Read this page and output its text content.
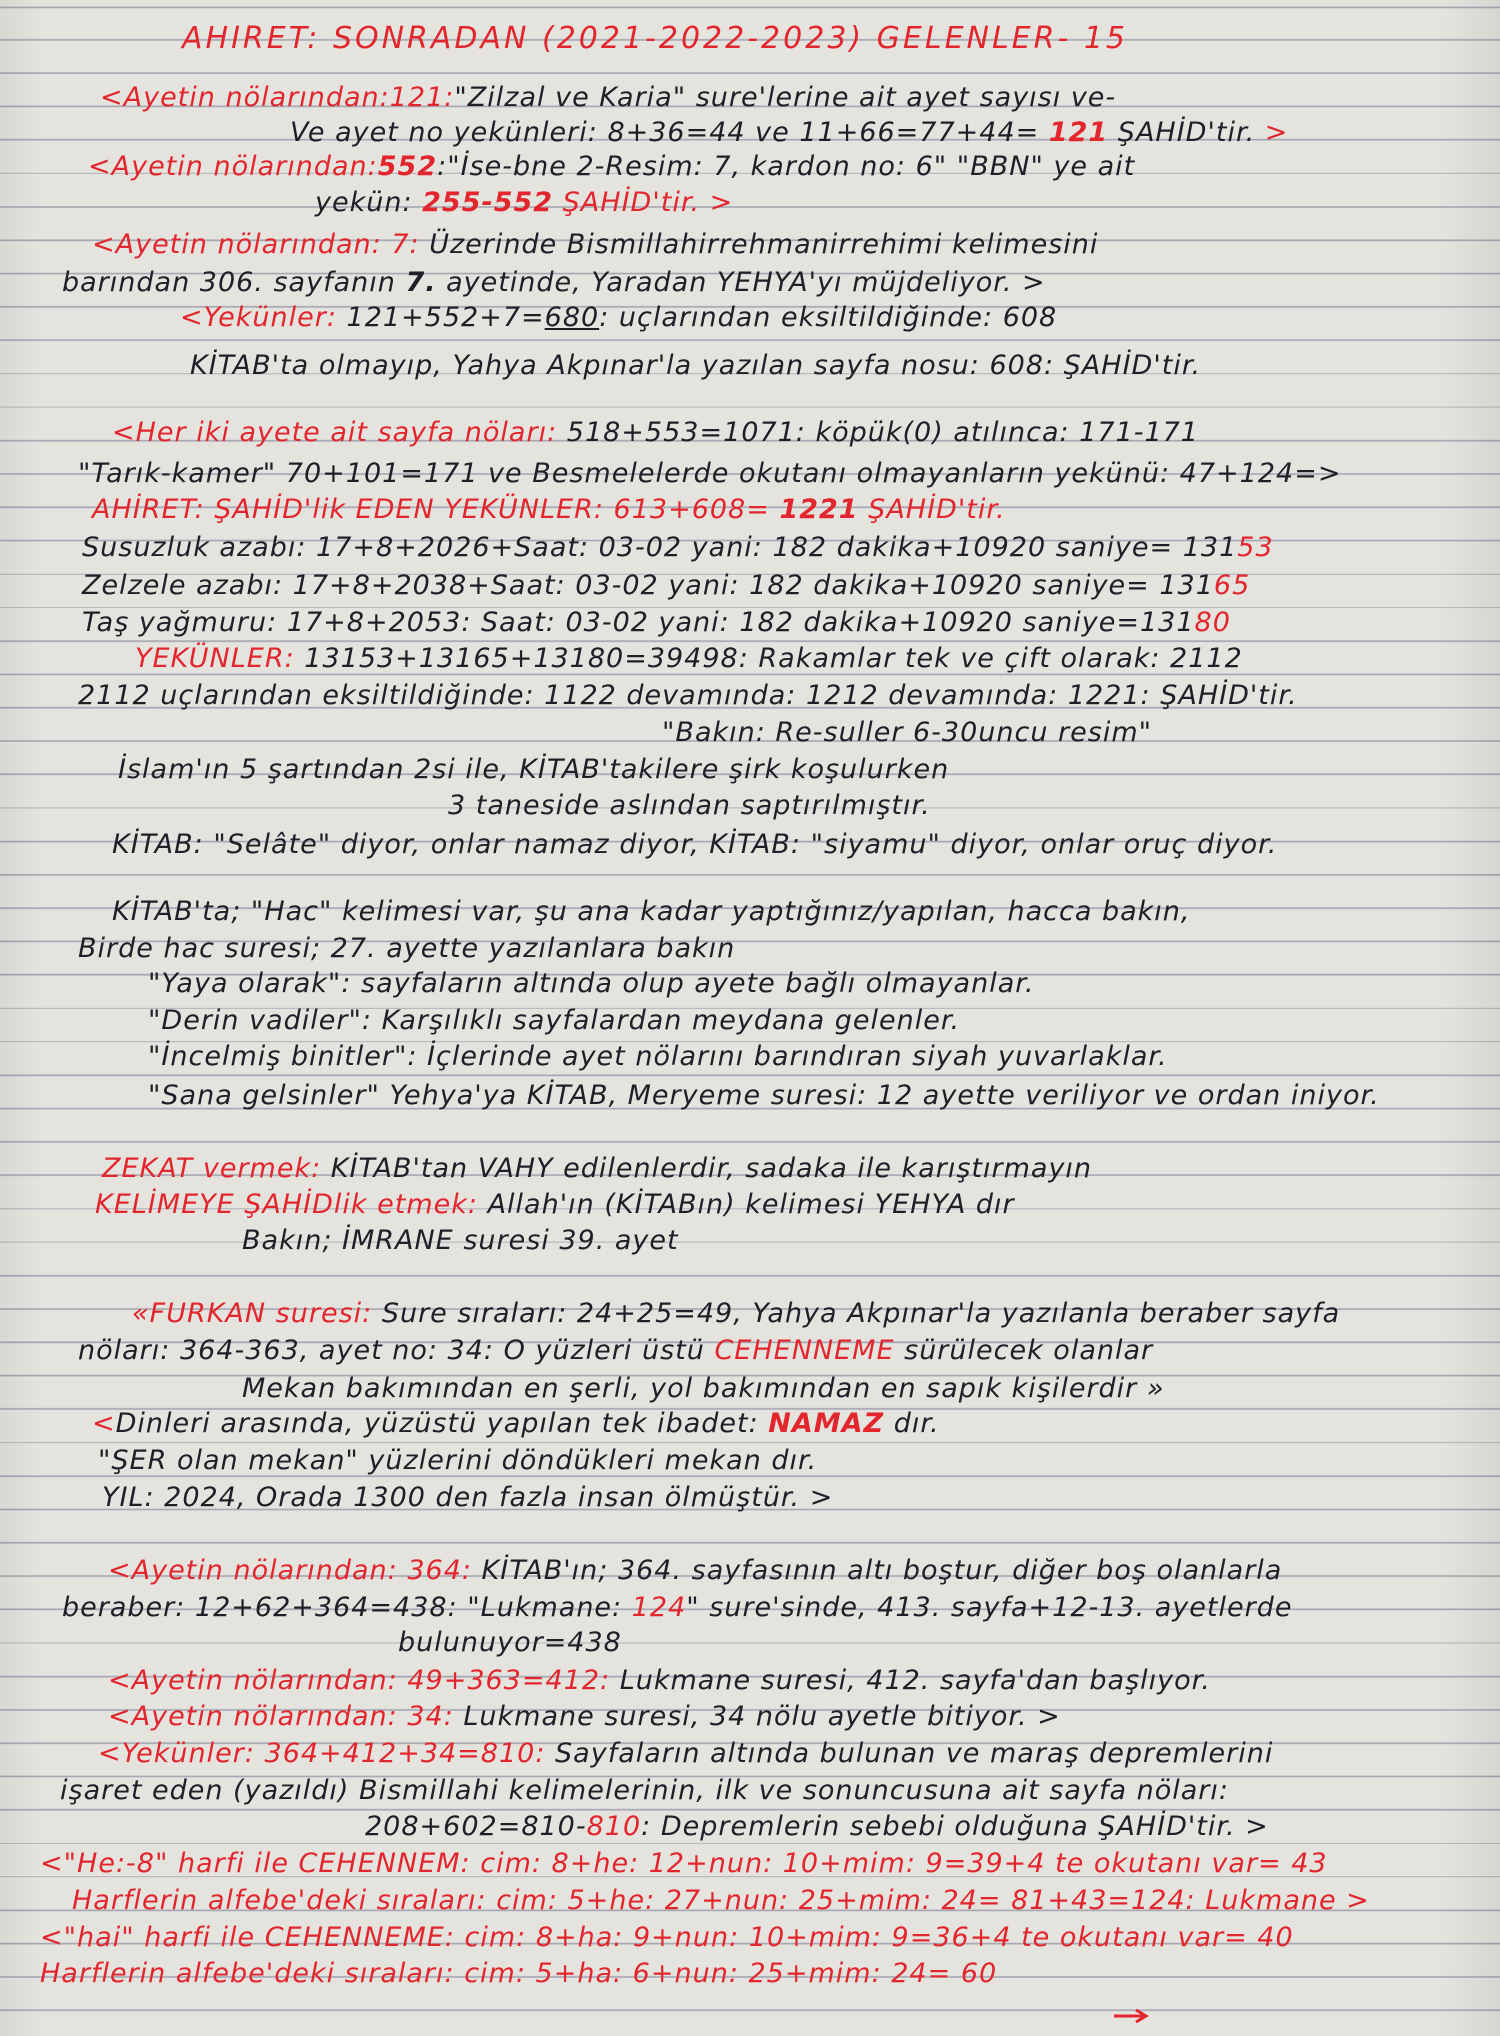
AHIRET: SONRADAN (2021-2022-2023) GELENLER- 15
<Ayetin nölarından:121:"Zilzal ve Karia" sure'lerine ait ayet sayısı ve-
Ve ayet no yekünleri: 8+36=44 ve 11+66=77+44= 121 ŞAHİD'tir. >
<Ayetin nölarından:552:"İse-bne 2-Resim: 7, kardon no: 6" "BBN" ye ait
yekün: 255-552 ŞAHİD'tir. >
<Ayetin nölarından: 7: Üzerinde Bismillahirrehmanirrehimi kelimesini
barından 306. sayfanın 7. ayetinde, Yaradan YEHYA'yı müjdeliyor. >
<Yekünler: 121+552+7=680: uçlarından eksiltildiğinde: 608
KİTAB'ta olmayıp, Yahya Akpınar'la yazılan sayfa nosu: 608: ŞAHİD'tir.
<Her iki ayete ait sayfa nöları: 518+553=1071: köpük(0) atılınca: 171-171
"Tarık-kamer" 70+101=171 ve Besmelelerde okutanı olmayanların yekünü: 47+124=>
AHİRET: ŞAHİD'lik EDEN YEKÜNLER: 613+608= 1221 ŞAHİD'tir.
Susuzluk azabı: 17+8+2026+Saat: 03-02 yani: 182 dakika+10920 saniye= 13153
Zelzele azabı: 17+8+2038+Saat: 03-02 yani: 182 dakika+10920 saniye= 13165
Taş yağmuru: 17+8+2053: Saat: 03-02 yani: 182 dakika+10920 saniye=13180
YEKÜNLER: 13153+13165+13180=39498: Rakamlar tek ve çift olarak: 2112
2112 uçlarından eksiltildiğinde: 1122 devamında: 1212 devamında: 1221: ŞAHİD'tir.
"Bakın: Re-suller 6-30uncu resim"
İslam'ın 5 şartından 2si ile, KİTAB'takilere şirk koşulurken
3 tanesidе aslından saptırılmıştır.
KİTAB: "Selâte" diyor, onlar namaz diyor, KİTAB: "siyamu" diyor, onlar oruç diyor.
KİTAB'ta; "Hac" kelimesi var, şu ana kadar yaptığınız/yapılan, hacca bakın,
Birde hac suresi; 27. ayette yazılanlara bakın
"Yaya olarak": sayfaların altında olup ayete bağlı olmayanlar.
"Derin vadiler": Karşılıklı sayfalardan meydana gelenler.
"İncelmiş binitler": İçlerinde ayet nölarını barındıran siyah yuvarlaklar.
"Sana gelsinler" Yehya'ya KİTAB, Meryeme suresi: 12 ayette veriliyor ve ordan iniyor.
ZEKAT vermek: KİTAB'tan VAHY edilenlerdir, sadaka ile karıştırmayın
KELİMEYE ŞAHİDlik etmek: Allah'ın (KİTABın) kelimesi YEHYA dır
Bakın; İMRANE suresi 39. ayet
«FURKAN suresi: Sure sıraları: 24+25=49, Yahya Akpınar'la yazılanla beraber sayfa
nöları: 364-363, ayet no: 34: O yüzleri üstü CEHENNEME sürülecek olanlar
Mekan bakımından en şerli, yol bakımından en sapık kişilerdir »
<Dinleri arasında, yüzüstü yapılan tek ibadet: NAMAZ dır.
"ŞER olan mekan" yüzlerini döndükleri mekan dır.
YIL: 2024, Orada 1300 den fazla insan ölmüştür. >
<Ayetin nölarından: 364: KİTAB'ın; 364. sayfasının altı boştur, diğer boş olanlarla
beraber: 12+62+364=438: "Lukmane: 124" sure'sinde, 413. sayfa+12-13. ayetlerde
bulunuyor=438
<Ayetin nölarından: 49+363=412: Lukmane suresi, 412. sayfa'dan başlıyor.
<Ayetin nölarından: 34: Lukmane suresi, 34 nölu ayetle bitiyor. >
<Yekünler: 364+412+34=810: Sayfaların altında bulunan ve maraş depremlerini
işaret eden (yazıldı) Bismillahi kelimelerinin, ilk ve sonuncusuna ait sayfa nöları:
208+602=810-810: Depremlerin sebebi olduğuna ŞAHİD'tir. >
<"He:-8" harfi ile CEHENNEM: cim: 8+he: 12+nun: 10+mim: 9=39+4 te okutanı var= 43
Harflerin alfebe'deki sıraları: cim: 5+he: 27+nun: 25+mim: 24= 81+43=124: Lukmane >
<"hai" harfi ile CEHENNEME: cim: 8+ha: 9+nun: 10+mim: 9=36+4 te okutanı var= 40
Harflerin alfebe'deki sıraları: cim: 5+ha: 6+nun: 25+mim: 24= 60
